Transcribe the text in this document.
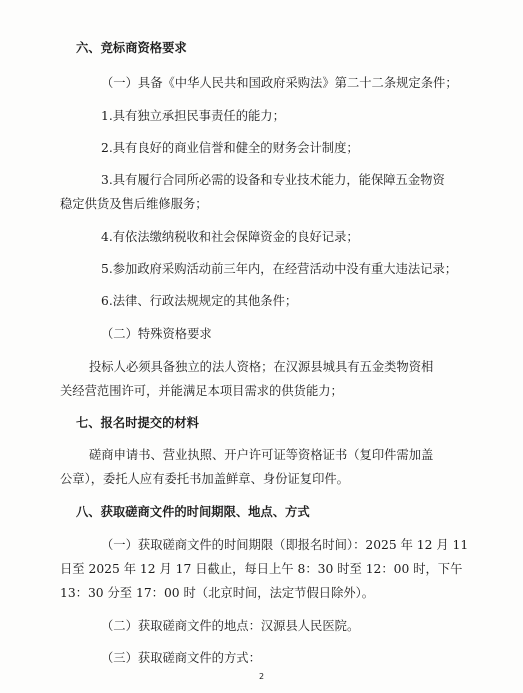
六、竞标商资格要求
（一）具备《中华人民共和国政府采购法》第二十二条规定条件；
1.具有独立承担民事责任的能力；
2.具有良好的商业信誉和健全的财务会计制度；
3.具有履行合同所必需的设备和专业技术能力，能保障五金物资
稳定供货及售后维修服务；
4.有依法缴纳税收和社会保障资金的良好记录；
5.参加政府采购活动前三年内，在经营活动中没有重大违法记录；
6.法律、行政法规规定的其他条件；
（二）特殊资格要求
投标人必须具备独立的法人资格；在汉源县城具有五金类物资相
关经营范围许可，并能满足本项目需求的供货能力；
七、报名时提交的材料
磋商申请书、营业执照、开户许可证等资格证书（复印件需加盖
公章），委托人应有委托书加盖鲜章、身份证复印件。
八、获取磋商文件的时间期限、地点、方式
（一）获取磋商文件的时间期限（即报名时间）：2025 年 12 月 11
日至 2025 年 12 月 17 日截止，每日上午 8：30 时至 12：00 时，下午
13：30 分至 17：00 时（北京时间，法定节假日除外）。
（二）获取磋商文件的地点：汉源县人民医院。
（三）获取磋商文件的方式：
2
